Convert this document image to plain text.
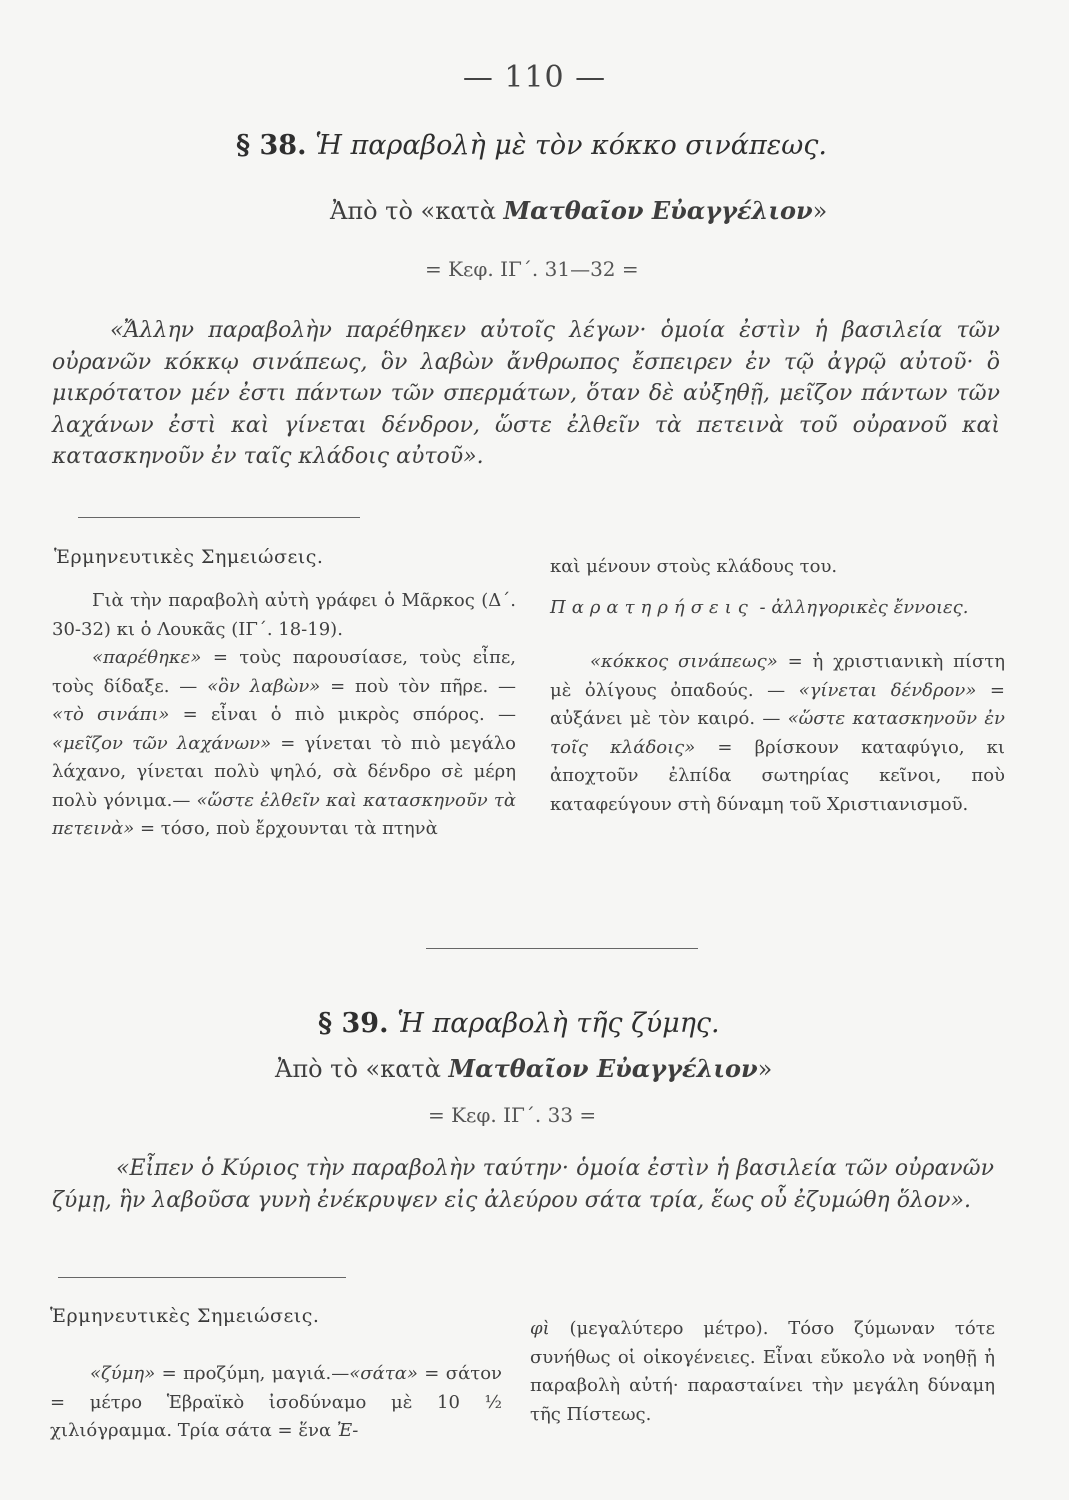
— 110 —
§ 38. Ἡ παραβολὴ μὲ τὸν κόκκο σινάπεως.
Ἀπὸ τὸ «κατὰ Ματθαῖον Εὐαγγέλιον»
= Κεφ. ΙΓ΄. 31—32 =
«Ἄλλην παραβολὴν παρέθηκεν αὐτοῖς λέγων· ὁμοία ἐστὶν ἡ βασιλεία τῶν οὐρανῶν κόκκῳ σινάπεως, ὃν λαβὼν ἄνθρωπος ἔσπειρεν ἐν τῷ ἀγρῷ αὐτοῦ· ὃ μικρότατον μέν ἐστι πάντων τῶν σπερμάτων, ὅταν δὲ αὐξηθῇ, μεῖζον πάντων τῶν λαχάνων ἐστὶ καὶ γίνεται δένδρον, ὥστε ἐλθεῖν τὰ πετεινὰ τοῦ οὐρανοῦ καὶ κατασκηνοῦν ἐν ταῖς κλάδοις αὐτοῦ».
Ἑρμηνευτικὲς Σημειώσεις.

Γιὰ τὴν παραβολὴ αὐτὴ γράφει ὁ Μᾶρκος (Δ΄. 30-32) κι ὁ Λουκᾶς (ΙΓ΄. 18-19).

«παρέθηκε» = τοὺς παρουσίασε, τοὺς εἶπε, τοὺς δίδαξε. — «ὃν λαβὼν» = ποὺ τὸν πῆρε. — «τὸ σινάπι» = εἶναι ὁ πιὸ μικρὸς σπόρος. — «μεῖζον τῶν λαχάνων» = γίνεται τὸ πιὸ μεγάλο λάχανο, γίνεται πολὺ ψηλό, σὰ δένδρο σὲ μέρη πολὺ γόνιμα.— «ὥστε ἐλθεῖν καὶ κατασκηνοῦν τὰ πετεινὰ» = τόσο, ποὺ ἔρχουνται τὰ πτηνὰ

καὶ μένουν στοὺς κλάδους του.

Παρατηρήσεις - ἀλληγορικὲς ἔννοιες.

«κόκκος σινάπεως» = ἡ χριστιανικὴ πίστη μὲ ὀλίγους ὀπαδούς. — «γίνεται δένδρον» = αὐξάνει μὲ τὸν καιρό. — «ὥστε κατασκηνοῦν ἐν τοῖς κλάδοις» = βρίσκουν καταφύγιο, κι ἀποχτοῦν ἐλπίδα σωτηρίας κεῖνοι, ποὺ καταφεύγουν στὴ δύναμη τοῦ Χριστιανισμοῦ.

§ 39. Ἡ παραβολὴ τῆς ζύμης.
Ἀπὸ τὸ «κατὰ Ματθαῖον Εὐαγγέλιον»
= Κεφ. ΙΓ΄. 33 =
«Εἶπεν ὁ Κύριος τὴν παραβολὴν ταύτην· ὁμοία ἐστὶν ἡ βασιλεία τῶν οὐρανῶν ζύμῃ, ἣν λαβοῦσα γυνὴ ἐνέκρυψεν εἰς ἀλεύρου σάτα τρία, ἕως οὗ ἐζυμώθη ὅλον».
Ἑρμηνευτικὲς Σημειώσεις.

«ζύμη» = προζύμη, μαγιά.—«σάτα» = σάτον = μέτρο Ἑβραϊκὸ ἰσοδύναμο μὲ 10 ½ χιλιόγραμμα. Τρία σάτα = ἕνα Ἐ-

φὶ (μεγαλύτερο μέτρο). Τόσο ζύμωναν τότε συνήθως οἱ οἰκογένειες. Εἶναι εὔκολο νὰ νοηθῇ ἡ παραβολὴ αὐτή· παρασταίνει τὴν μεγάλη δύναμη τῆς Πίστεως.
